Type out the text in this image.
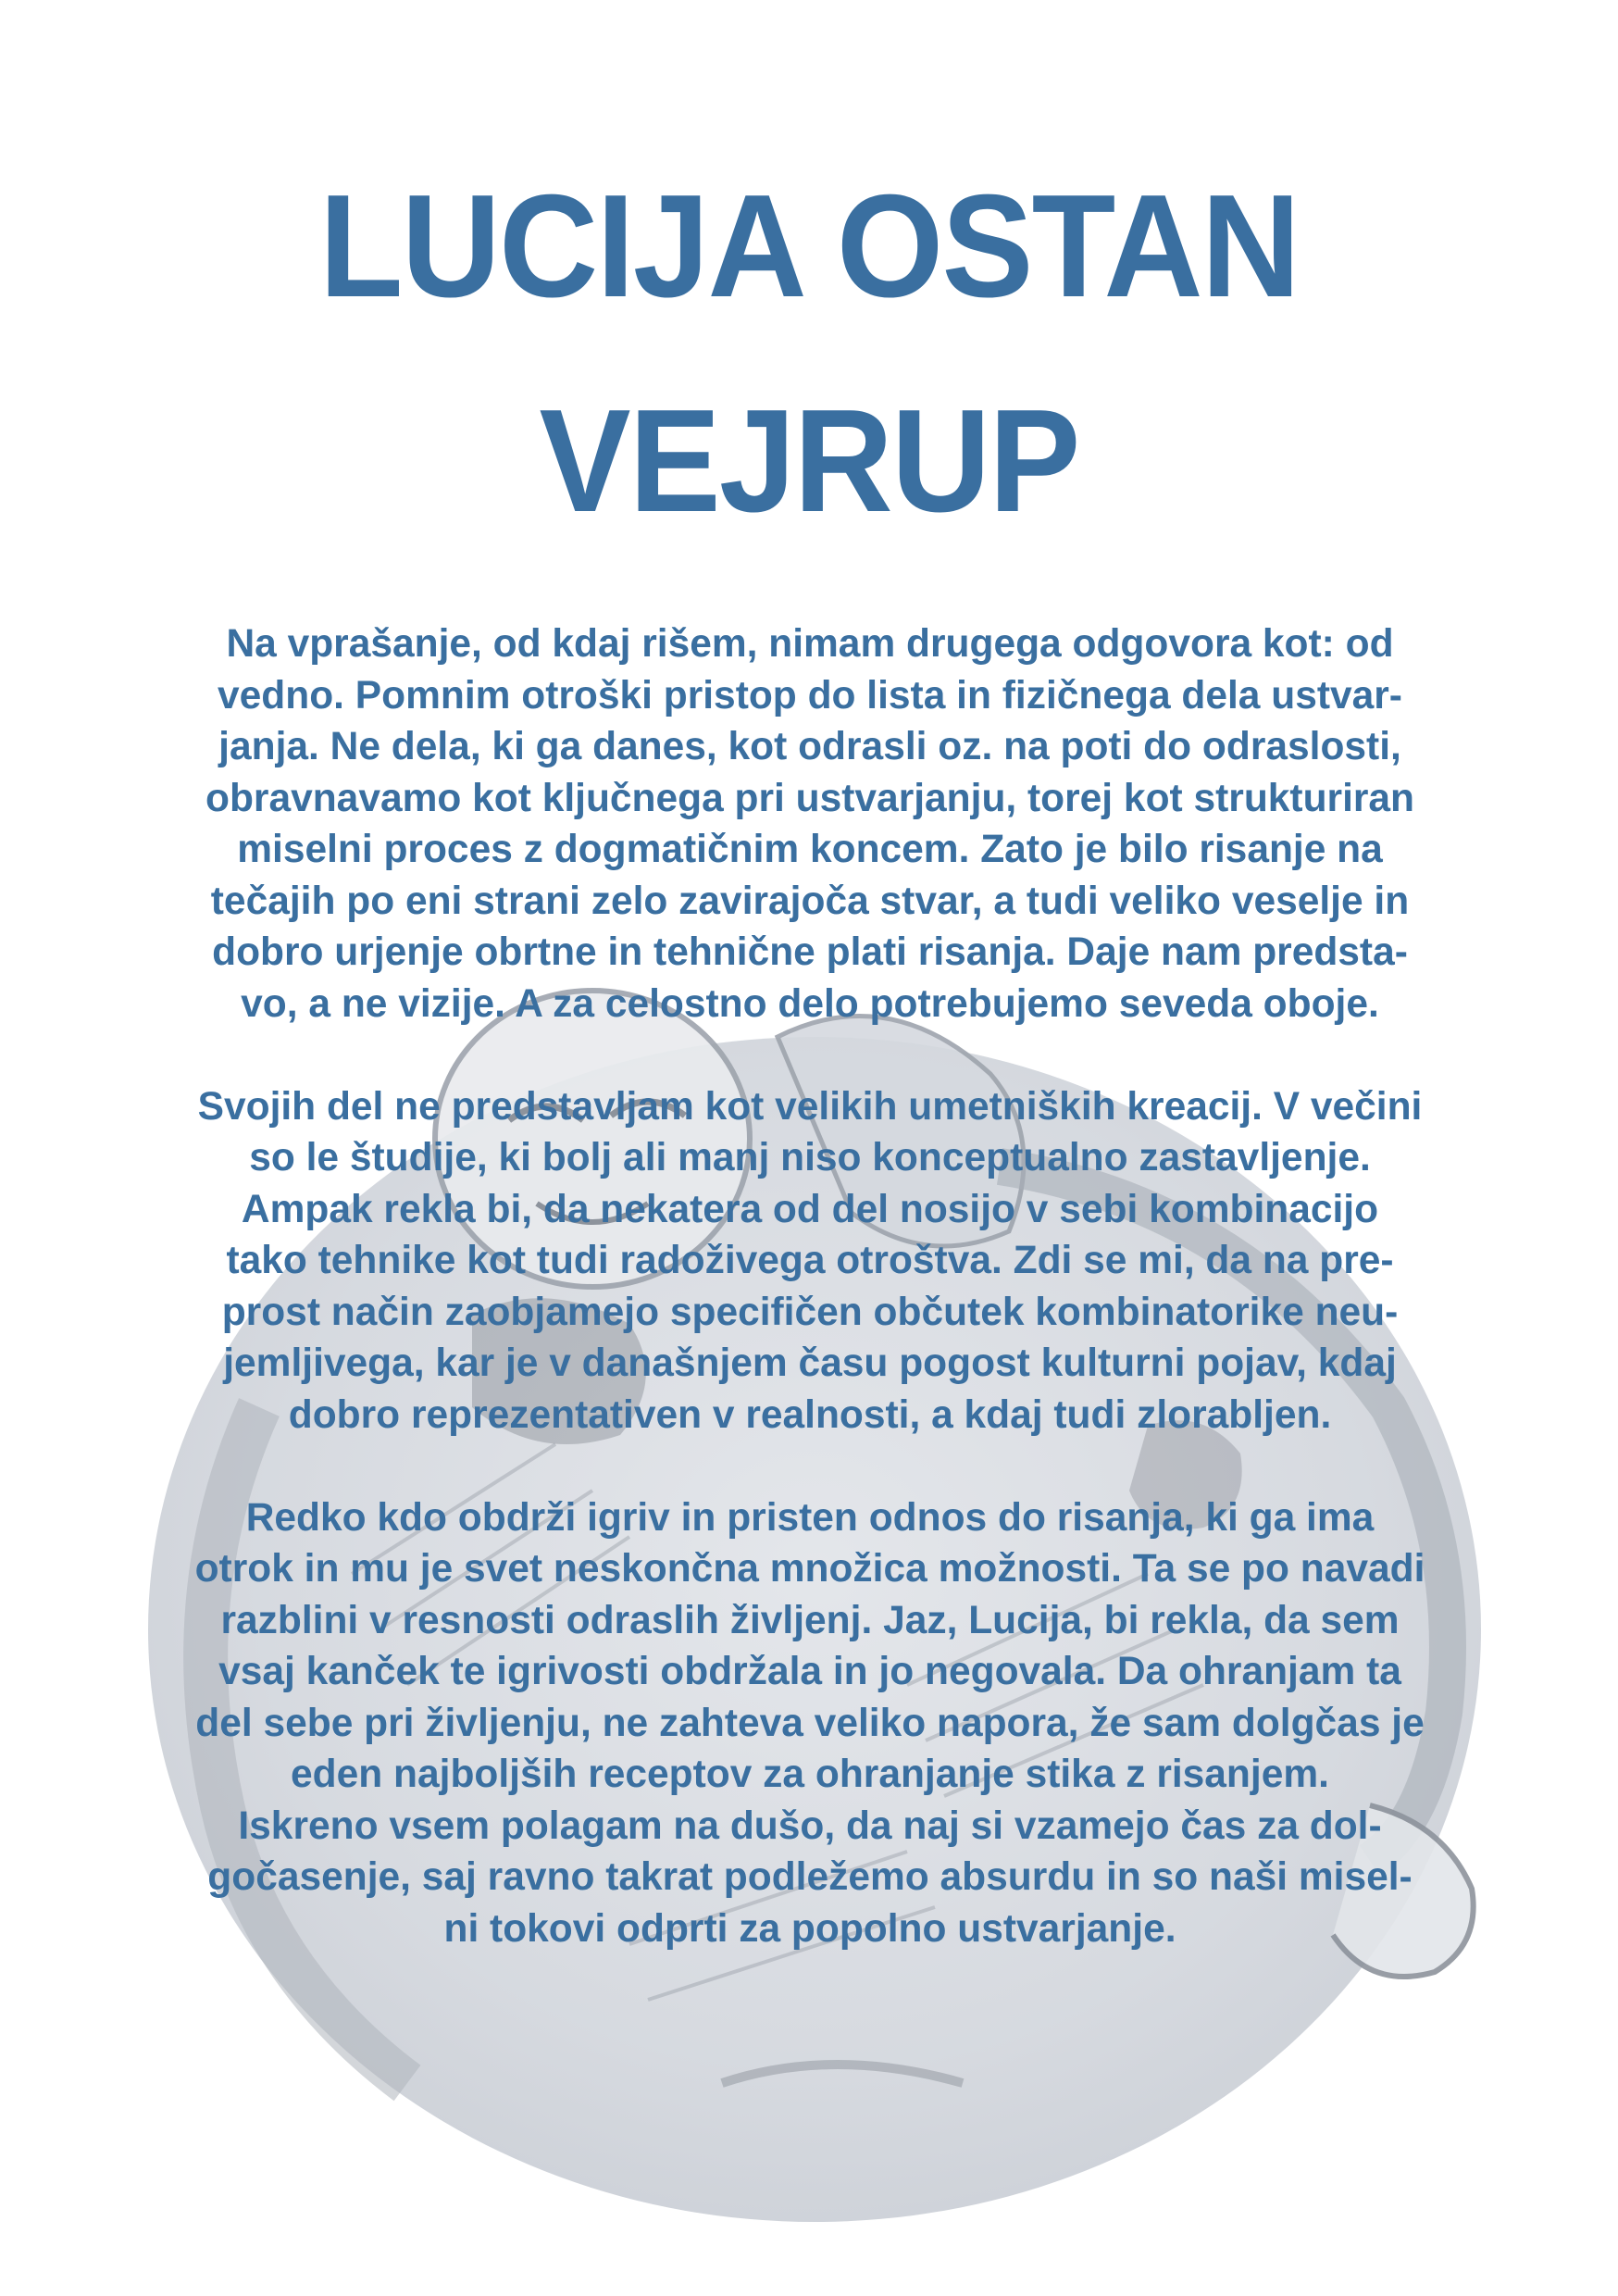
LUCIJA OSTAN
VEJRUP

Na vprašanje, od kdaj rišem, nimam drugega odgovora kot: od
vedno. Pomnim otroški pristop do lista in fizičnega dela ustvar-
janja. Ne dela, ki ga danes, kot odrasli oz. na poti do odraslosti,
obravnavamo kot ključnega pri ustvarjanju, torej kot strukturiran
miselni proces z dogmatičnim koncem. Zato je bilo risanje na
tečajih po eni strani zelo zavirajoča stvar, a tudi veliko veselje in
dobro urjenje obrtne in tehnične plati risanja. Daje nam predsta-
vo, a ne vizije. A za celostno delo potrebujemo seveda oboje.

Svojih del ne predstavljam kot velikih umetniških kreacij. V večini
so le študije, ki bolj ali manj niso konceptualno zastavljenje.
Ampak rekla bi, da nekatera od del nosijo v sebi kombinacijo
tako tehnike kot tudi radoživega otroštva. Zdi se mi, da na pre-
prost način zaobjamejo specifičen občutek kombinatorike neu-
jemljivega, kar je v današnjem času pogost kulturni pojav, kdaj
dobro reprezentativen v realnosti, a kdaj tudi zlorabljen.

Redko kdo obdrži igriv in pristen odnos do risanja, ki ga ima
otrok in mu je svet neskončna množica možnosti. Ta se po navadi
razblini v resnosti odraslih življenj. Jaz, Lucija, bi rekla, da sem
vsaj kanček te igrivosti obdržala in jo negovala. Da ohranjam ta
del sebe pri življenju, ne zahteva veliko napora, že sam dolgčas je
eden najboljših receptov za ohranjanje stika z risanjem.
Iskreno vsem polagam na dušo, da naj si vzamejo čas za dol-
gočasenje, saj ravno takrat podležemo absurdu in so naši misel-
ni tokovi odprti za popolno ustvarjanje.
